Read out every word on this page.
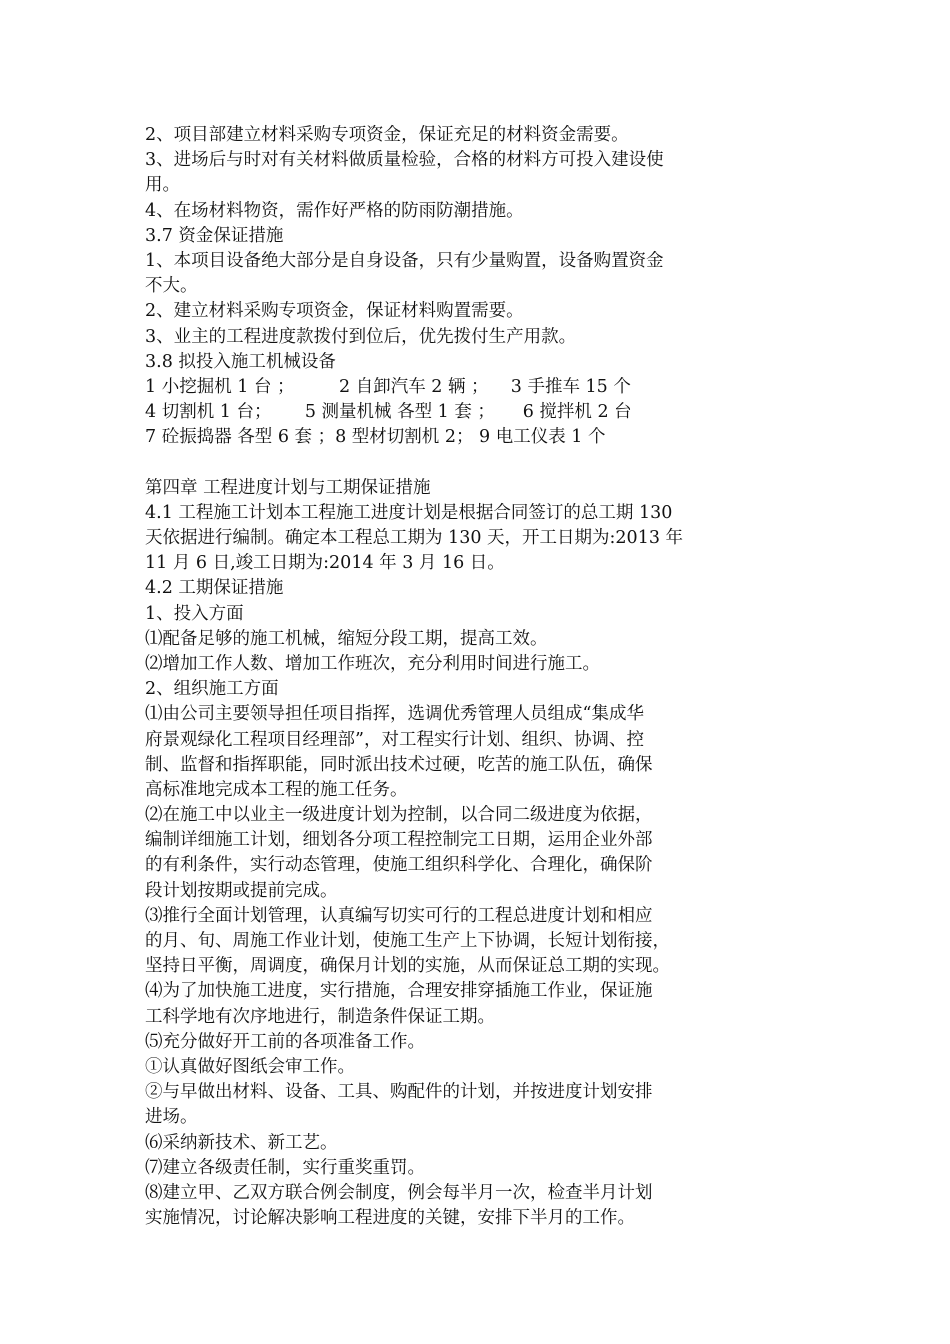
2、项目部建立材料采购专项资金，保证充足的材料资金需要。

3、进场后与时对有关材料做质量检验，合格的材料方可投入建设使

用。

4、在场材料物资，需作好严格的防雨防潮措施。

3.7 资金保证措施

1、本项目设备绝大部分是自身设备，只有少量购置，设备购置资金

不大。

2、建立材料采购专项资金，保证材料购置需要。

3、业主的工程进度款拨付到位后，优先拨付生产用款。

3.8 拟投入施工机械设备

1 小挖掘机 1 台 ；        2 自卸汽车 2 辆 ；    3 手推车 15 个

4 切割机 1 台；      5 测量机械 各型 1 套 ；     6 搅拌机 2 台

7 砼振捣器 各型 6 套 ；8 型材切割机 2； 9 电工仪表 1 个

第四章 工程进度计划与工期保证措施

4.1 工程施工计划本工程施工进度计划是根据合同签订的总工期 130

天依据进行编制。确定本工程总工期为 130 天，开工日期为:2013 年

11 月 6 日,竣工日期为:2014 年 3 月 16 日。

4.2 工期保证措施

1、投入方面

⑴配备足够的施工机械，缩短分段工期，提高工效。

⑵增加工作人数、增加工作班次，充分利用时间进行施工。

2、组织施工方面

⑴由公司主要领导担任项目指挥，选调优秀管理人员组成“集成华

府景观绿化工程项目经理部”，对工程实行计划、组织、协调、控

制、监督和指挥职能，同时派出技术过硬，吃苦的施工队伍，确保

高标准地完成本工程的施工任务。

⑵在施工中以业主一级进度计划为控制，以合同二级进度为依据，

编制详细施工计划，细划各分项工程控制完工日期，运用企业外部

的有利条件，实行动态管理，使施工组织科学化、合理化，确保阶

段计划按期或提前完成。

⑶推行全面计划管理，认真编写切实可行的工程总进度计划和相应

的月、旬、周施工作业计划，使施工生产上下协调，长短计划衔接，

坚持日平衡，周调度，确保月计划的实施，从而保证总工期的实现。

⑷为了加快施工进度，实行措施，合理安排穿插施工作业，保证施

工科学地有次序地进行，制造条件保证工期。

⑸充分做好开工前的各项准备工作。

①认真做好图纸会审工作。

②与早做出材料、设备、工具、购配件的计划，并按进度计划安排

进场。

⑹采纳新技术、新工艺。

⑺建立各级责任制，实行重奖重罚。

⑻建立甲、乙双方联合例会制度，例会每半月一次，检查半月计划

实施情况，讨论解决影响工程进度的关键，安排下半月的工作。
